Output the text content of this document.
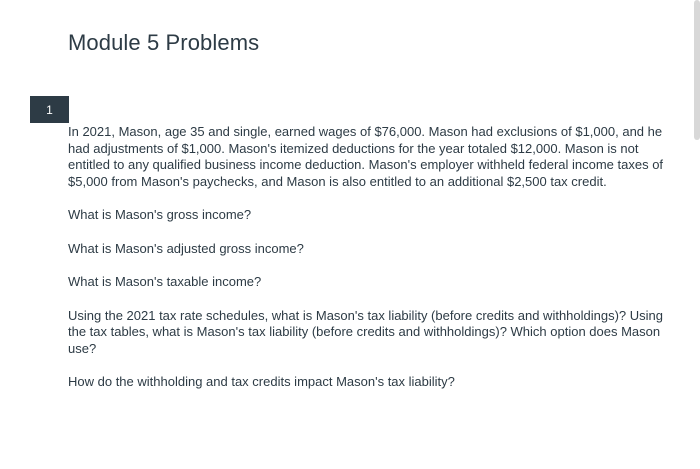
Module 5 Problems
1

In 2021, Mason, age 35 and single, earned wages of $76,000. Mason had exclusions of $1,000, and he had adjustments of $1,000. Mason's itemized deductions for the year totaled $12,000. Mason is not entitled to any qualified business income deduction. Mason's employer withheld federal income taxes of $5,000 from Mason's paychecks, and Mason is also entitled to an additional $2,500 tax credit.

What is Mason's gross income?

What is Mason's adjusted gross income?

What is Mason's taxable income?

Using the 2021 tax rate schedules, what is Mason's tax liability (before credits and withholdings)? Using the tax tables, what is Mason's tax liability (before credits and withholdings)? Which option does Mason use?

How do the withholding and tax credits impact Mason's tax liability?
